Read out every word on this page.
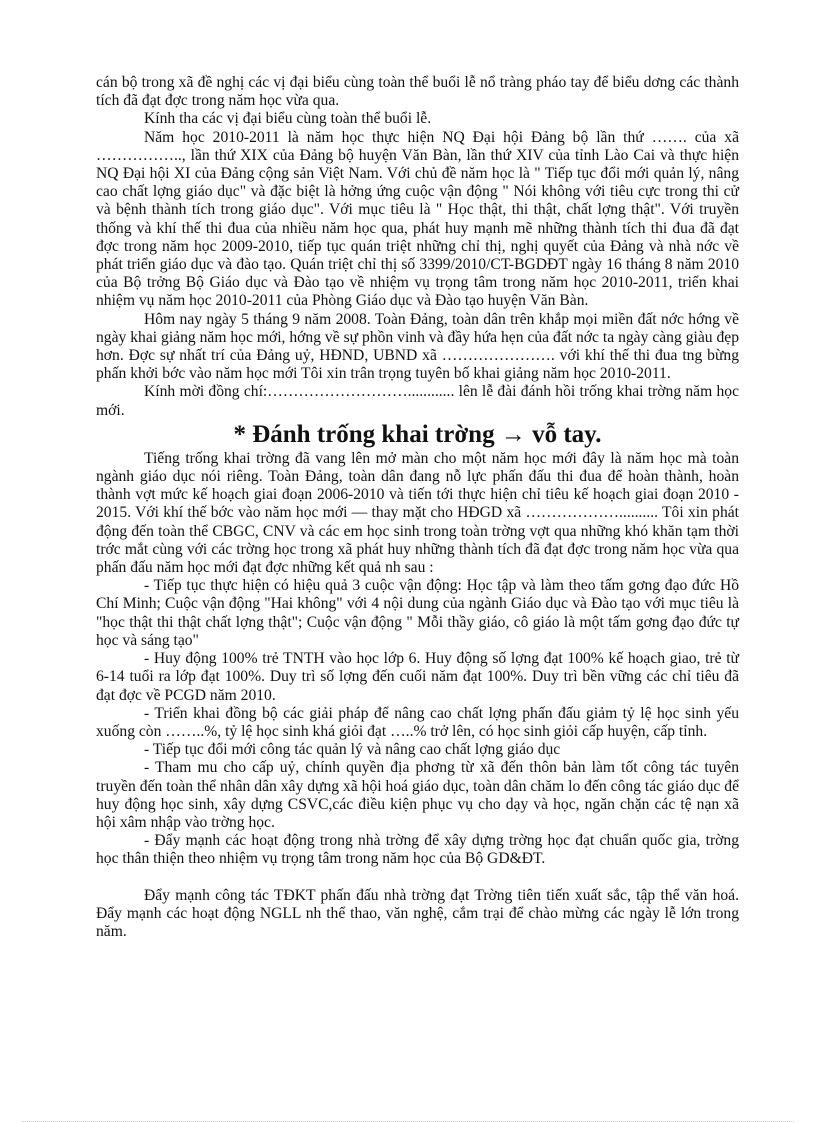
cán bộ trong xã đề nghị các vị đại biểu cùng toàn thể buổi lễ nổ tràng pháo tay để biểu dơng các thành tích đã đạt đợc trong năm học vừa qua.

Kính tha các vị đại biểu cùng toàn thể buổi lễ.

Năm học 2010-2011 là năm học thực hiện NQ Đại hội Đảng bộ lần thứ ……. của xã …………….., lần thứ XIX của Đảng bộ huyện Văn Bàn, lần thứ XIV của tỉnh Lào Cai và thực hiện NQ Đại hội XI của Đảng cộng sản Việt Nam. Với chủ đề năm học là " Tiếp tục đổi mới quản lý, nâng cao chất lợng giáo dục" và đặc biệt là hởng ứng cuộc vận động " Nói không với tiêu cực trong thi cử và bệnh thành tích trong giáo dục". Với mục tiêu là " Học thật, thi thật, chất lợng thật". Với truyền thống và khí thế thi đua của nhiều năm học qua, phát huy mạnh mẽ những thành tích thi đua đã đạt đợc trong năm học 2009-2010, tiếp tục quán triệt những chỉ thị, nghị quyết của Đảng và nhà nớc về phát triển giáo dục và đào tạo. Quán triệt chỉ thị số 3399/2010/CT-BGDĐT ngày 16 tháng 8 năm 2010 của Bộ trởng Bộ Giáo dục và Đào tạo về nhiệm vụ trọng tâm trong năm học 2010-2011, triển khai nhiệm vụ năm học 2010-2011 của Phòng Giáo dục và Đào tạo huyện Văn Bàn.

Hôm nay ngày 5 tháng 9 năm 2008. Toàn Đảng, toàn dân trên khắp mọi miền đất nớc hớng về ngày khai giảng năm học mới, hớng về sự phồn vinh và đầy hứa hẹn của đất nớc ta ngày càng giàu đẹp hơn. Đợc sự nhất trí của Đảng uỷ, HĐND, UBND xã …………………. với khí thế thi đua tng bừng phấn khởi bớc vào năm học mới Tôi xin trân trọng tuyên bố khai giảng năm học 2010-2011.

Kính mời đồng chí:………………………............ lên lễ đài đánh hồi trống khai trờng năm học mới.

* Đánh trống khai trờng → vỗ tay.

Tiếng trống khai trờng đã vang lên mở màn cho một năm học mới đây là năm học mà toàn ngành giáo dục nói riêng. Toàn Đảng, toàn dân đang nỗ lực phấn đấu thi đua để hoàn thành, hoàn thành vợt mức kế hoạch giai đoạn 2006-2010 và tiến tới thực hiện chỉ tiêu kế hoạch giai đoạn 2010 - 2015. Với khí thế bớc vào năm học mới — thay mặt cho HĐGD xã ……………….......... Tôi xin phát động đến toàn thể CBGC, CNV và các em học sinh trong toàn trờng vợt qua những khó khăn tạm thời trớc mắt cùng với các trờng học trong xã phát huy những thành tích đã đạt đợc trong năm học vừa qua phấn đấu năm học mới đạt đợc những kết quả nh sau :

- Tiếp tục thực hiện có hiệu quả 3 cuộc vận động: Học tập và làm theo tấm gơng đạo đức Hồ Chí Minh; Cuộc vận động "Hai không" với 4 nội dung của ngành Giáo dục và Đào tạo với mục tiêu là "học thật thi thật chất lợng thật"; Cuộc vận động " Mỗi thầy giáo, cô giáo là một tấm gơng đạo đức tự học và sáng tạo"

- Huy động 100% trẻ TNTH vào học lớp 6. Huy động số lợng đạt 100% kế hoạch giao, trẻ từ 6-14 tuổi ra lớp đạt 100%. Duy trì số lợng đến cuối năm đạt 100%. Duy trì bền vững các chỉ tiêu đã đạt đợc về PCGD năm 2010.

- Triển khai đồng bộ các giải pháp để nâng cao chất lợng phấn đấu giảm tỷ lệ học sinh yếu xuống còn ……..%, tỷ lệ học sinh khá giỏi đạt …..% trở lên, có học sinh giỏi cấp huyện, cấp tỉnh.

- Tiếp tục đổi mới công tác quản lý và nâng cao chất lợng giáo dục

- Tham mu cho cấp uỷ, chính quyền địa phơng từ xã đến thôn bản làm tốt công tác tuyên truyền đến toàn thể nhân dân xây dựng xã hội hoá giáo dục, toàn dân chăm lo đến công tác giáo dục để huy động học sinh, xây dựng CSVC,các điều kiện phục vụ cho dạy và học, ngăn chặn các tệ nạn xã hội xâm nhập vào trờng học.

- Đẩy mạnh các hoạt động trong nhà trờng để xây dựng trờng học đạt chuẩn quốc gia, trờng học thân thiện theo nhiệm vụ trọng tâm trong năm học của Bộ GD&ĐT.

Đẩy mạnh công tác TĐKT phấn đấu nhà trờng đạt Trờng tiên tiến xuất sắc, tập thể văn hoá. Đẩy mạnh các hoạt động NGLL nh thể thao, văn nghệ, cắm trại để chào mừng các ngày lễ lớn trong năm.
